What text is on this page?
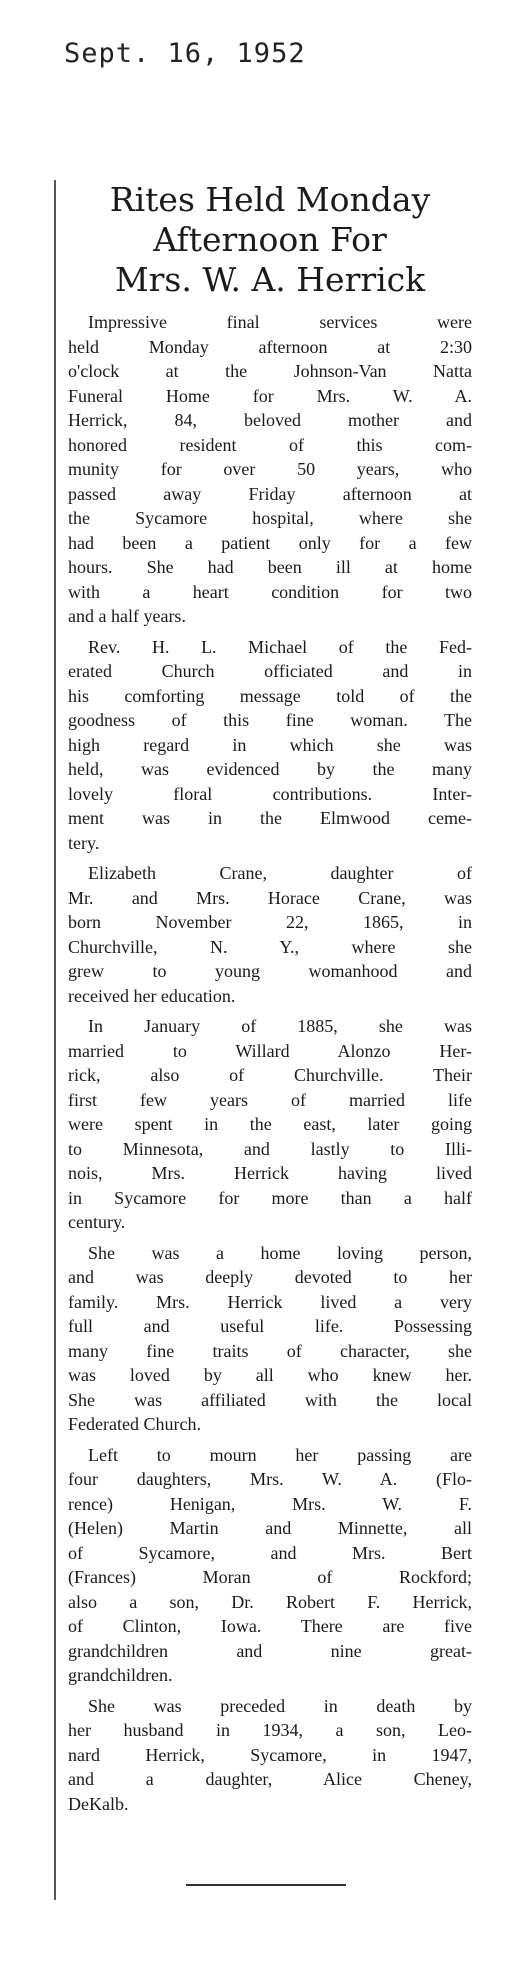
Sept. 16, 1952

Rites Held Monday
Afternoon For
Mrs. W. A. Herrick

Impressive final services were
held Monday afternoon at 2:30
o'clock at the Johnson-Van Natta
Funeral Home for Mrs. W. A.
Herrick, 84, beloved mother and
honored resident of this com-
munity for over 50 years, who
passed away Friday afternoon at
the Sycamore hospital, where she
had been a patient only for a few
hours. She had been ill at home
with a heart condition for two
and a half years.

Rev. H. L. Michael of the Fed-
erated Church officiated and in
his comforting message told of the
goodness of this fine woman. The
high regard in which she was
held, was evidenced by the many
lovely floral contributions. Inter-
ment was in the Elmwood ceme-
tery.

Elizabeth Crane, daughter of
Mr. and Mrs. Horace Crane, was
born November 22, 1865, in
Churchville, N. Y., where she
grew to young womanhood and
received her education.

In January of 1885, she was
married to Willard Alonzo Her-
rick, also of Churchville. Their
first few years of married life
were spent in the east, later going
to Minnesota, and lastly to Illi-
nois, Mrs. Herrick having lived
in Sycamore for more than a half
century.

She was a home loving person,
and was deeply devoted to her
family. Mrs. Herrick lived a very
full and useful life. Possessing
many fine traits of character, she
was loved by all who knew her.
She was affiliated with the local
Federated Church.

Left to mourn her passing are
four daughters, Mrs. W. A. (Flo-
rence) Henigan, Mrs. W. F.
(Helen) Martin and Minnette, all
of Sycamore, and Mrs. Bert
(Frances) Moran of Rockford;
also a son, Dr. Robert F. Herrick,
of Clinton, Iowa. There are five
grandchildren and nine great-
grandchildren.

She was preceded in death by
her husband in 1934, a son, Leo-
nard Herrick, Sycamore, in 1947,
and a daughter, Alice Cheney,
DeKalb.
